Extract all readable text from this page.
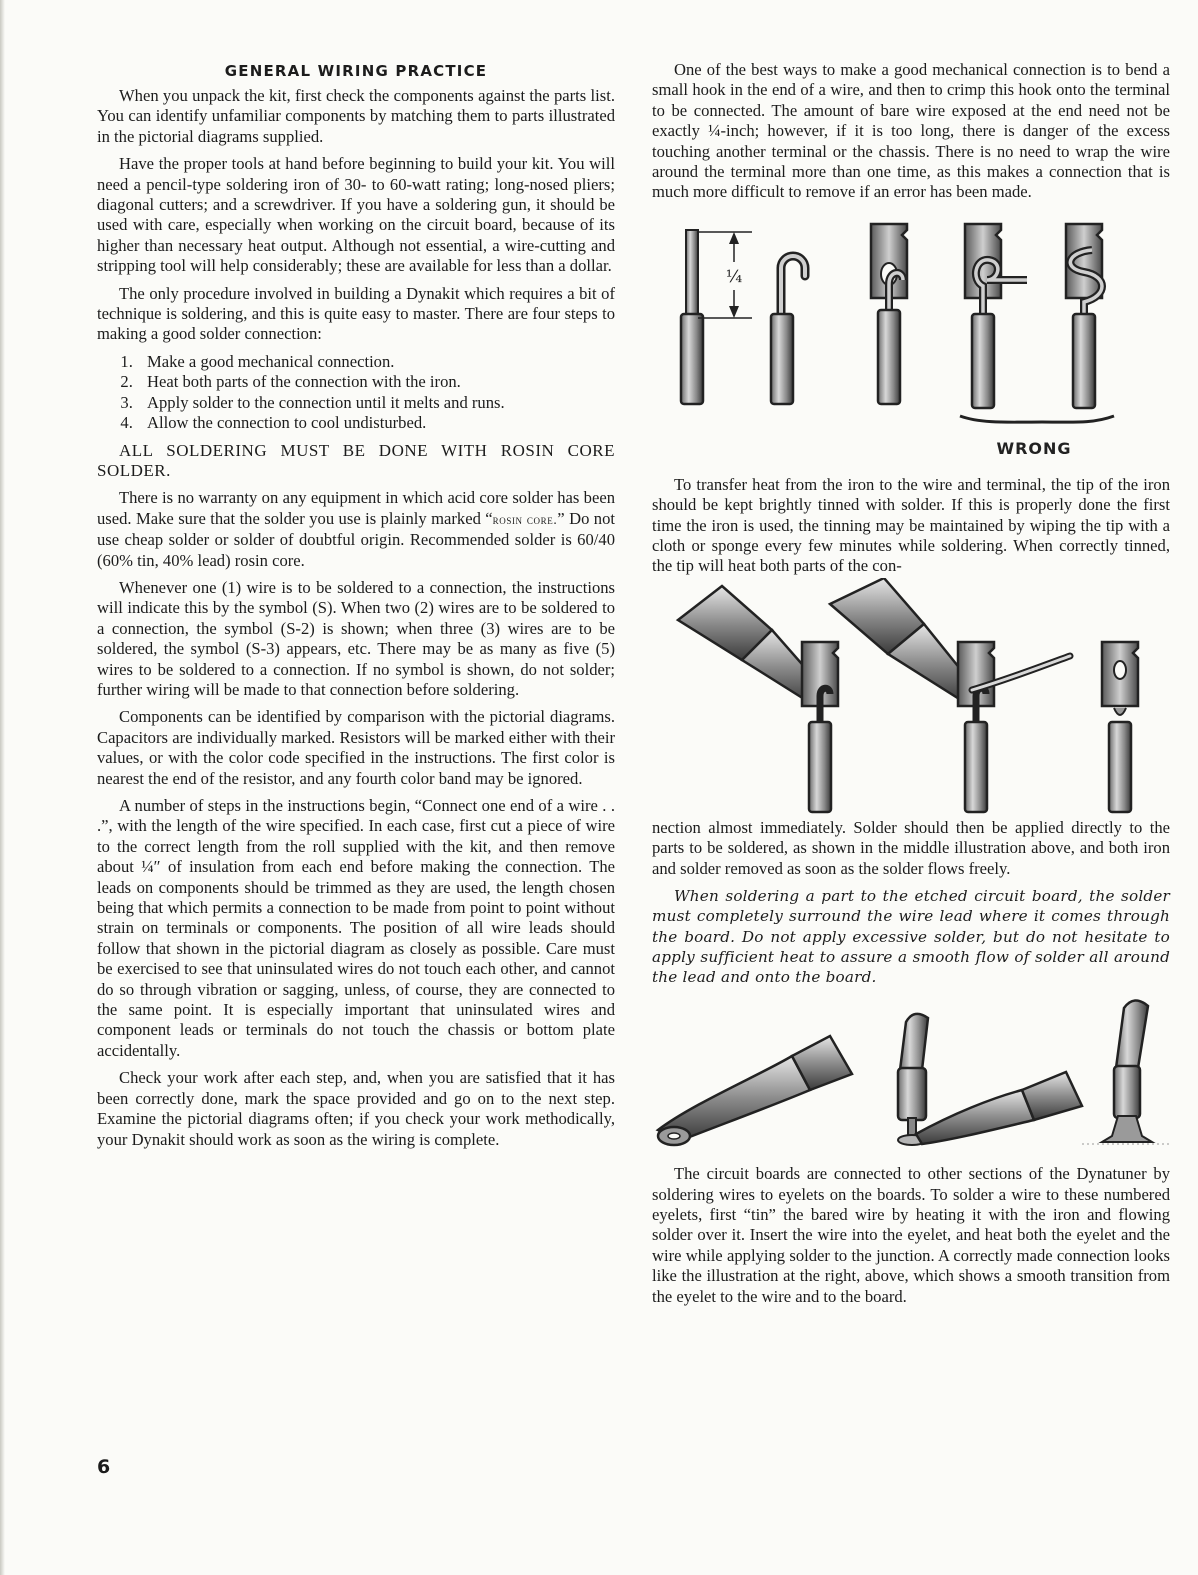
GENERAL WIRING PRACTICE

When you unpack the kit, first check the components against the parts list. You can identify unfamiliar components by matching them to parts illustrated in the pictorial diagrams supplied.

Have the proper tools at hand before beginning to build your kit. You will need a pencil-type soldering iron of 30- to 60-watt rating; long-nosed pliers; diagonal cutters; and a screwdriver. If you have a soldering gun, it should be used with care, especially when working on the circuit board, because of its higher than necessary heat output. Although not essential, a wire-cutting and stripping tool will help considerably; these are available for less than a dollar.

The only procedure involved in building a Dynakit which requires a bit of technique is soldering, and this is quite easy to master. There are four steps to making a good solder connection:

1. Make a good mechanical connection.
2. Heat both parts of the connection with the iron.
3. Apply solder to the connection until it melts and runs.
4. Allow the connection to cool undisturbed.

ALL SOLDERING MUST BE DONE WITH ROSIN CORE SOLDER.

There is no warranty on any equipment in which acid core solder has been used. Make sure that the solder you use is plainly marked “rosin core.” Do not use cheap solder or solder of doubtful origin. Recommended solder is 60/40 (60% tin, 40% lead) rosin core.

Whenever one (1) wire is to be soldered to a connection, the instructions will indicate this by the symbol (S). When two (2) wires are to be soldered to a connection, the symbol (S-2) is shown; when three (3) wires are to be soldered, the symbol (S-3) appears, etc. There may be as many as five (5) wires to be soldered to a connection. If no symbol is shown, do not solder; further wiring will be made to that connection before soldering.

Components can be identified by comparison with the pictorial diagrams. Capacitors are individually marked. Resistors will be marked either with their values, or with the color code specified in the instructions. The first color is nearest the end of the resistor, and any fourth color band may be ignored.

A number of steps in the instructions begin, “Connect one end of a wire . . .”, with the length of the wire specified. In each case, first cut a piece of wire to the correct length from the roll supplied with the kit, and then remove about ¼″ of insulation from each end before making the connection. The leads on components should be trimmed as they are used, the length chosen being that which permits a connection to be made from point to point without strain on terminals or components. The position of all wire leads should follow that shown in the pictorial diagram as closely as possible. Care must be exercised to see that uninsulated wires do not touch each other, and cannot do so through vibration or sagging, unless, of course, they are connected to the same point. It is especially important that uninsulated wires and component leads or terminals do not touch the chassis or bottom plate accidentally.

Check your work after each step, and, when you are satisfied that it has been correctly done, mark the space provided and go on to the next step. Examine the pictorial diagrams often; if you check your work methodically, your Dynakit should work as soon as the wiring is complete.

One of the best ways to make a good mechanical connection is to bend a small hook in the end of a wire, and then to crimp this hook onto the terminal to be connected. The amount of bare wire exposed at the end need not be exactly ¼-inch; however, if it is too long, there is danger of the excess touching another terminal or the chassis. There is no need to wrap the wire around the terminal more than one time, as this makes a connection that is much more difficult to remove if an error has been made.

¼
WRONG

To transfer heat from the iron to the wire and terminal, the tip of the iron should be kept brightly tinned with solder. If this is properly done the first time the iron is used, the tinning may be maintained by wiping the tip with a cloth or sponge every few minutes while soldering. When correctly tinned, the tip will heat both parts of the con-

nection almost immediately. Solder should then be applied directly to the parts to be soldered, as shown in the middle illustration above, and both iron and solder removed as soon as the solder flows freely.

When soldering a part to the etched circuit board, the solder must completely surround the wire lead where it comes through the board. Do not apply excessive solder, but do not hesitate to apply sufficient heat to assure a smooth flow of solder all around the lead and onto the board.

The circuit boards are connected to other sections of the Dynatuner by soldering wires to eyelets on the boards. To solder a wire to these numbered eyelets, first “tin” the bared wire by heating it with the iron and flowing solder over it. Insert the wire into the eyelet, and heat both the eyelet and the wire while applying solder to the junction. A correctly made connection looks like the illustration at the right, above, which shows a smooth transition from the eyelet to the wire and to the board.

6
